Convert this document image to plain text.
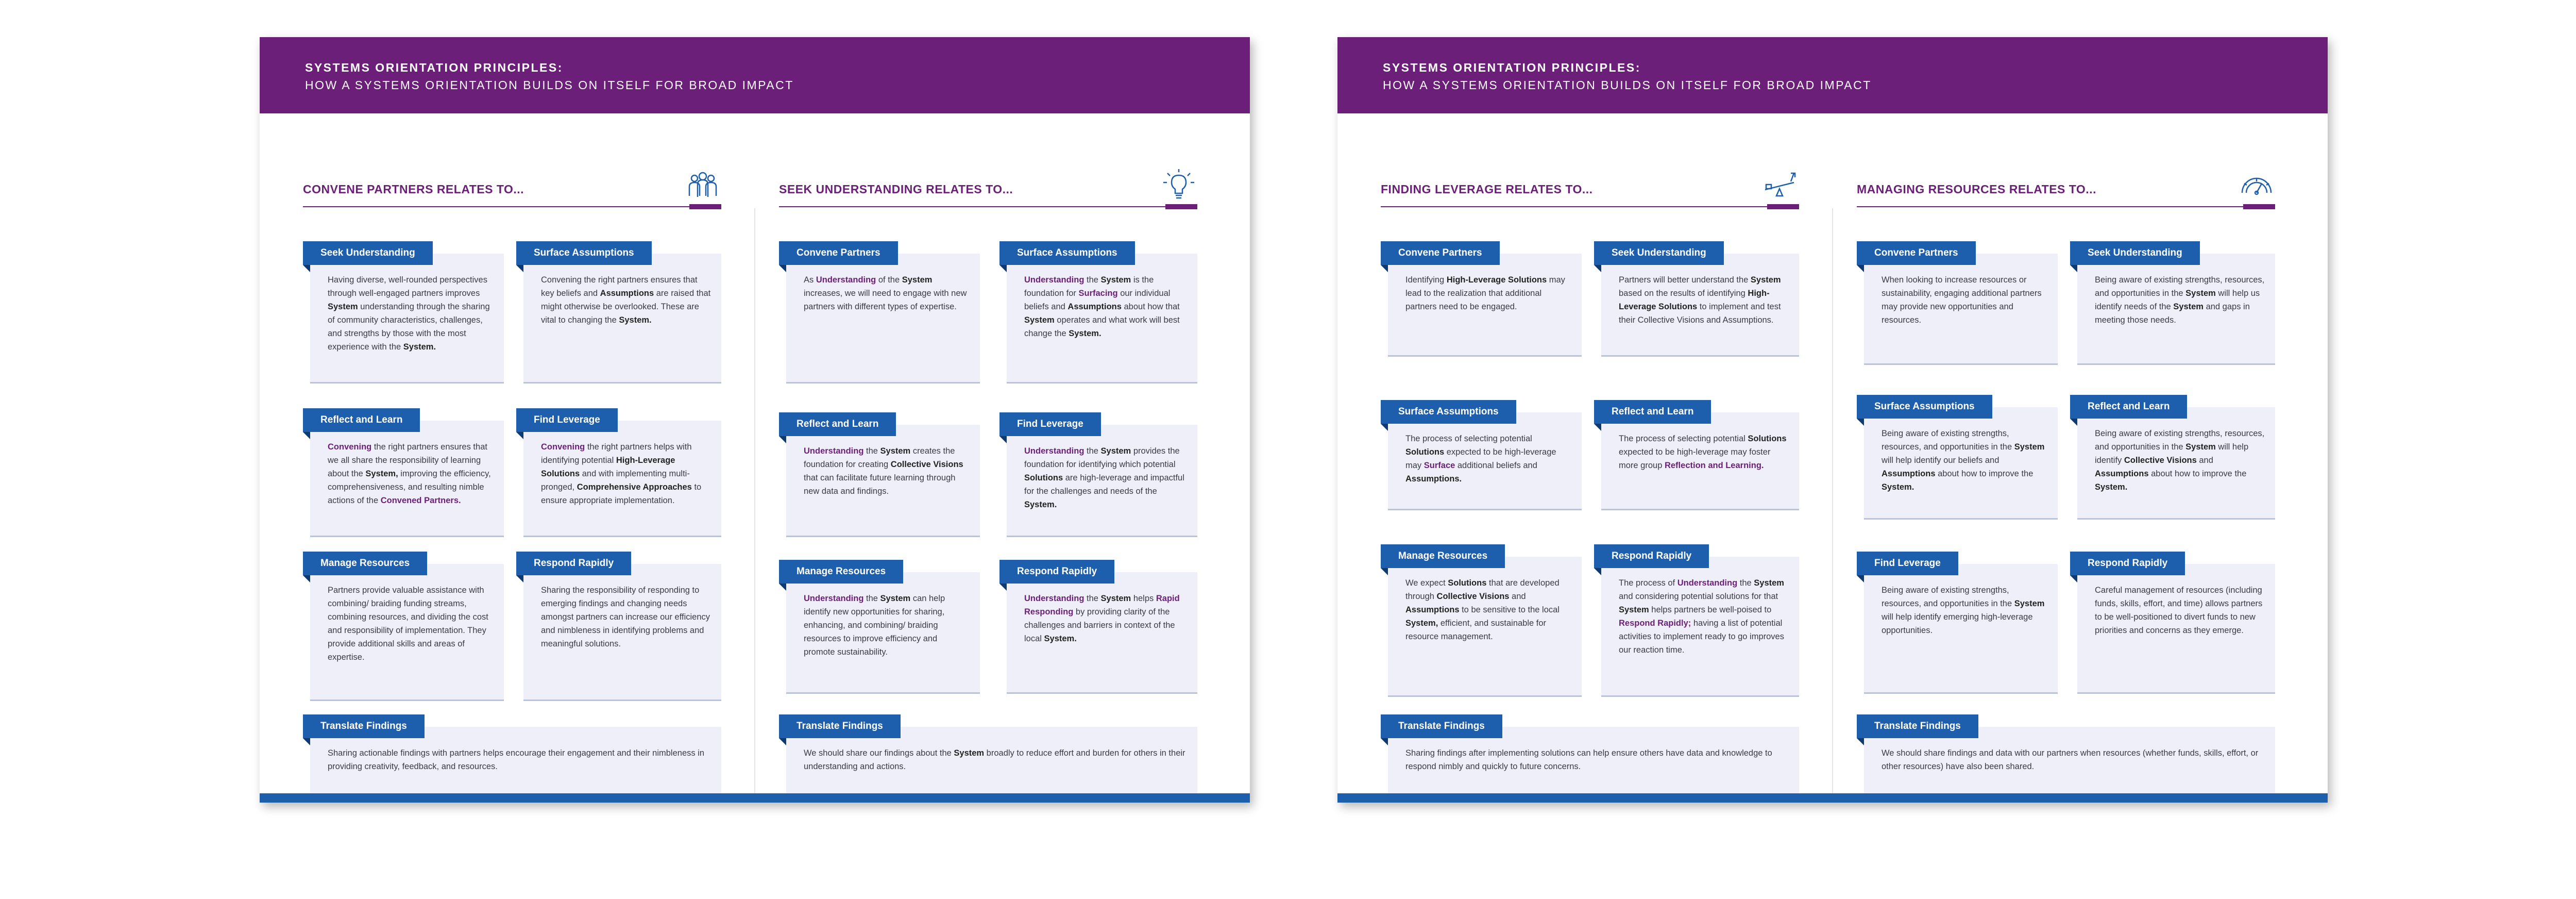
SYSTEMS ORIENTATION PRINCIPLES:
HOW A SYSTEMS ORIENTATION BUILDS ON ITSELF FOR BROAD IMPACT
CONVENE PARTNERS RELATES TO...
Seek Understanding
Having diverse, well-rounded perspectives through well-engaged partners improves System understanding through the sharing of community characteristics, challenges, and strengths by those with the most experience with the System.
Surface Assumptions
Convening the right partners ensures that key beliefs and Assumptions are raised that might otherwise be overlooked. These are vital to changing the System.
Reflect and Learn
Convening the right partners ensures that we all share the responsibility of learning about the System, improving the efficiency, comprehensiveness, and resulting nimble actions of the Convened Partners.
Find Leverage
Convening the right partners helps with identifying potential High-Leverage Solutions and with implementing multi-pronged, Comprehensive Approaches to ensure appropriate implementation.
Manage Resources
Partners provide valuable assistance with combining/ braiding funding streams, combining resources, and dividing the cost and responsibility of implementation. They provide additional skills and areas of expertise.
Respond Rapidly
Sharing the responsibility of responding to emerging findings and changing needs amongst partners can increase our efficiency and nimbleness in identifying problems and meaningful solutions.
Translate Findings
Sharing actionable findings with partners helps encourage their engagement and their nimbleness in providing creativity, feedback, and resources.
SEEK UNDERSTANDING RELATES TO...
Convene Partners
As Understanding of the System increases, we will need to engage with new partners with different types of expertise.
Surface Assumptions
Understanding the System is the foundation for Surfacing our individual beliefs and Assumptions about how that System operates and what work will best change the System.
Reflect and Learn
Understanding the System creates the foundation for creating Collective Visions that can facilitate future learning through new data and findings.
Find Leverage
Understanding the System provides the foundation for identifying which potential Solutions are high-leverage and impactful for the challenges and needs of the System.
Manage Resources
Understanding the System can help identify new opportunities for sharing, enhancing, and combining/ braiding resources to improve efficiency and promote sustainability.
Respond Rapidly
Understanding the System helps Rapid Responding by providing clarity of the challenges and barriers in context of the local System.
Translate Findings
We should share our findings about the System broadly to reduce effort and burden for others in their understanding and actions.
SYSTEMS ORIENTATION PRINCIPLES:
HOW A SYSTEMS ORIENTATION BUILDS ON ITSELF FOR BROAD IMPACT
FINDING LEVERAGE RELATES TO...
Convene Partners
Identifying High-Leverage Solutions may lead to the realization that additional partners need to be engaged.
Seek Understanding
Partners will better understand the System based on the results of identifying High-Leverage Solutions to implement and test their Collective Visions and Assumptions.
Surface Assumptions
The process of selecting potential Solutions expected to be high-leverage may Surface additional beliefs and Assumptions.
Reflect and Learn
The process of selecting potential Solutions expected to be high-leverage may foster more group Reflection and Learning.
Manage Resources
We expect Solutions that are developed through Collective Visions and Assumptions to be sensitive to the local System, efficient, and sustainable for resource management.
Respond Rapidly
The process of Understanding the System and considering potential solutions for that System helps partners be well-poised to Respond Rapidly; having a list of potential activities to implement ready to go improves our reaction time.
Translate Findings
Sharing findings after implementing solutions can help ensure others have data and knowledge to respond nimbly and quickly to future concerns.
MANAGING RESOURCES RELATES TO...
Convene Partners
When looking to increase resources or sustainability, engaging additional partners may provide new opportunities and resources.
Seek Understanding
Being aware of existing strengths, resources, and opportunities in the System will help us identify needs of the System and gaps in meeting those needs.
Surface Assumptions
Being aware of existing strengths, resources, and opportunities in the System will help identify our beliefs and Assumptions about how to improve the System.
Reflect and Learn
Being aware of existing strengths, resources, and opportunities in the System will help identify Collective Visions and Assumptions about how to improve the System.
Find Leverage
Being aware of existing strengths, resources, and opportunities in the System will help identify emerging high-leverage opportunities.
Respond Rapidly
Careful management of resources (including funds, skills, effort, and time) allows partners to be well-positioned to divert funds to new priorities and concerns as they emerge.
Translate Findings
We should share findings and data with our partners when resources (whether funds, skills, effort, or other resources) have also been shared.
